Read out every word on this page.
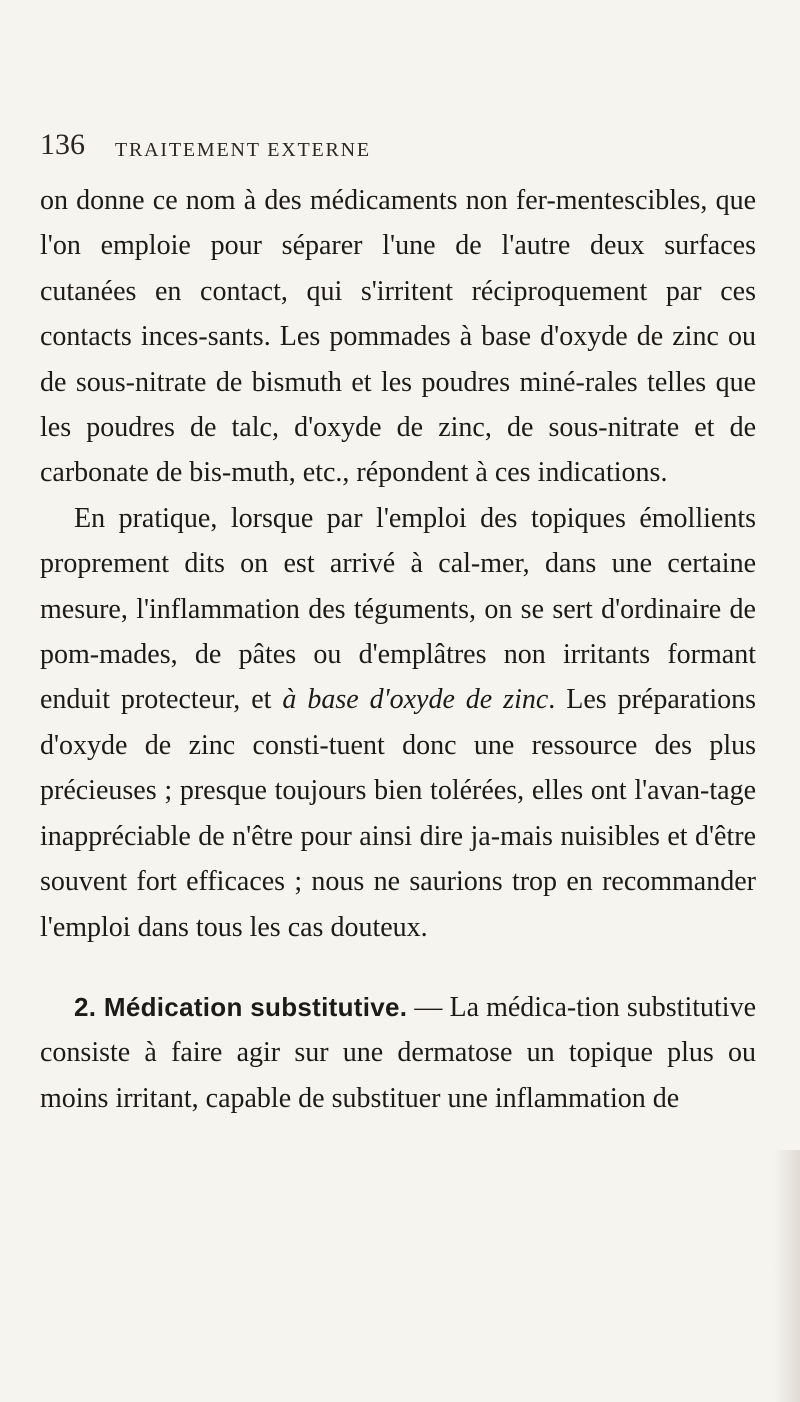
136 TRAITEMENT EXTERNE

on donne ce nom à des médicaments non fer-mentescibles, que l'on emploie pour séparer l'une de l'autre deux surfaces cutanées en contact, qui s'irritent réciproquement par ces contacts inces-sants. Les pommades à base d'oxyde de zinc ou de sous-nitrate de bismuth et les poudres miné-rales telles que les poudres de talc, d'oxyde de zinc, de sous-nitrate et de carbonate de bis-muth, etc., répondent à ces indications.

En pratique, lorsque par l'emploi des topiques émollients proprement dits on est arrivé à cal-mer, dans une certaine mesure, l'inflammation des téguments, on se sert d'ordinaire de pom-mades, de pâtes ou d'emplâtres non irritants formant enduit protecteur, et à base d'oxyde de zinc. Les préparations d'oxyde de zinc consti-tuent donc une ressource des plus précieuses ; presque toujours bien tolérées, elles ont l'avan-tage inappréciable de n'être pour ainsi dire ja-mais nuisibles et d'être souvent fort efficaces ; nous ne saurions trop en recommander l'emploi dans tous les cas douteux.

2. Médication substitutive. — La médica-tion substitutive consiste à faire agir sur une dermatose un topique plus ou moins irritant, capable de substituer une inflammation de
